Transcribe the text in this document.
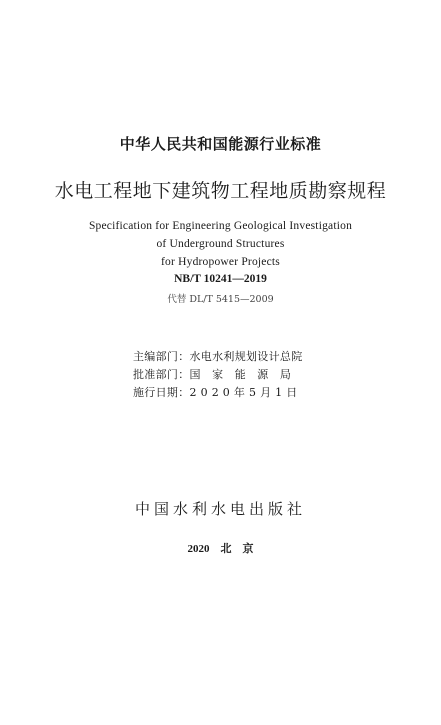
中华人民共和国能源行业标准
水电工程地下建筑物工程地质勘察规程
Specification for Engineering Geological Investigation
of Underground Structures
for Hydropower Projects
NB/T 10241—2019
代替 DL/T 5415—2009
主编部门：水电水利规划设计总院
批准部门：国　家　能　源　局
施行日期：2 0 2 0 年 5 月 1 日
中国水利水电出版社
2020　北　京
